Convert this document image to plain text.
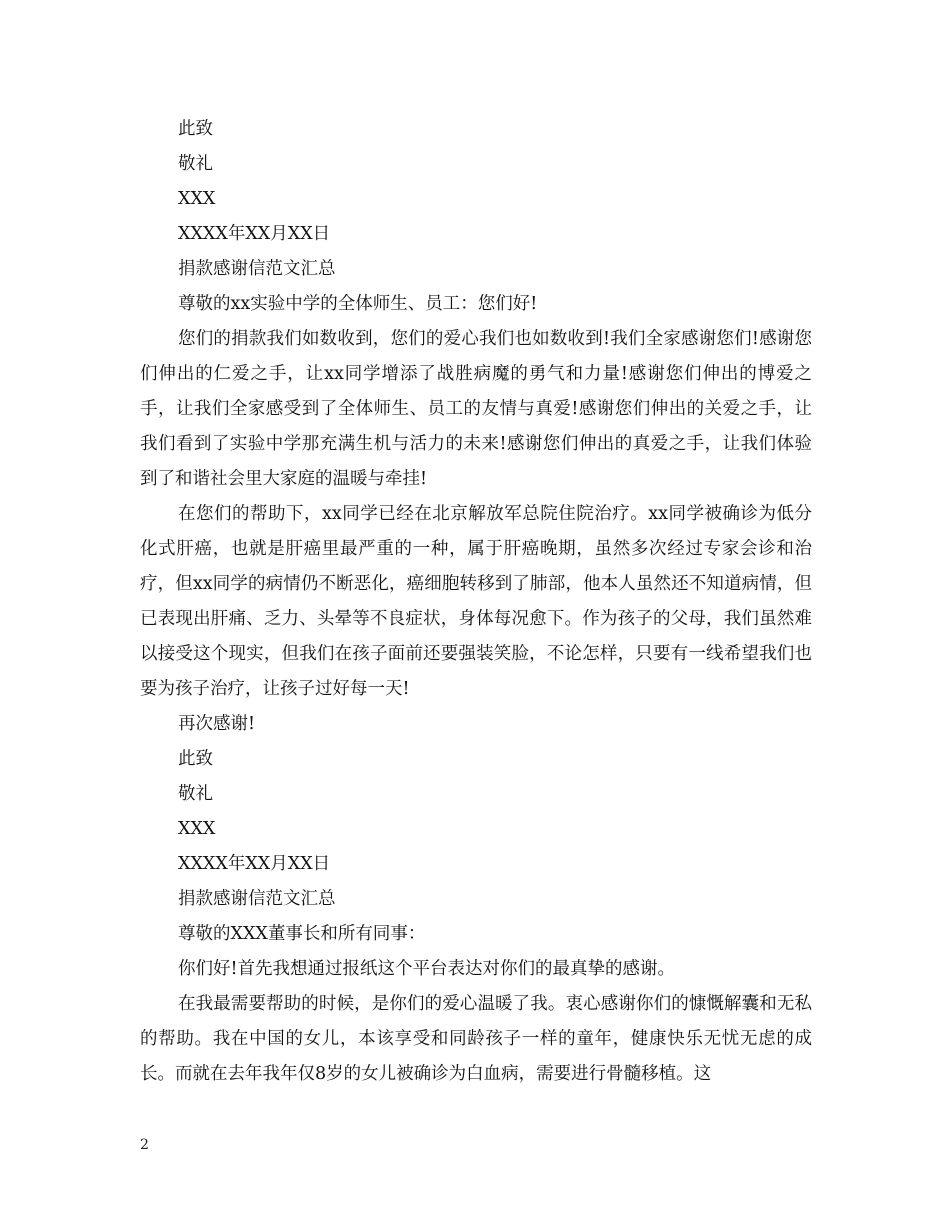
此致

敬礼

XXX

XXXX年XX月XX日

捐款感谢信范文汇总

尊敬的xx实验中学的全体师生、员工：您们好!

您们的捐款我们如数收到，您们的爱心我们也如数收到!我们全家感谢您们!感谢您们伸出的仁爱之手，让xx同学增添了战胜病魔的勇气和力量!感谢您们伸出的博爱之手，让我们全家感受到了全体师生、员工的友情与真爱!感谢您们伸出的关爱之手，让我们看到了实验中学那充满生机与活力的未来!感谢您们伸出的真爱之手，让我们体验到了和谐社会里大家庭的温暖与牵挂!

在您们的帮助下，xx同学已经在北京解放军总院住院治疗。xx同学被确诊为低分化式肝癌，也就是肝癌里最严重的一种，属于肝癌晚期，虽然多次经过专家会诊和治疗，但xx同学的病情仍不断恶化，癌细胞转移到了肺部，他本人虽然还不知道病情，但已表现出肝痛、乏力、头晕等不良症状，身体每况愈下。作为孩子的父母，我们虽然难以接受这个现实，但我们在孩子面前还要强装笑脸，不论怎样，只要有一线希望我们也要为孩子治疗，让孩子过好每一天!

再次感谢!

此致

敬礼

XXX

XXXX年XX月XX日

捐款感谢信范文汇总

尊敬的XXX董事长和所有同事：

你们好!首先我想通过报纸这个平台表达对你们的最真挚的感谢。

在我最需要帮助的时候，是你们的爱心温暖了我。衷心感谢你们的慷慨解囊和无私的帮助。我在中国的女儿，本该享受和同龄孩子一样的童年，健康快乐无忧无虑的成长。而就在去年我年仅8岁的女儿被确诊为白血病，需要进行骨髓移植。这

2
